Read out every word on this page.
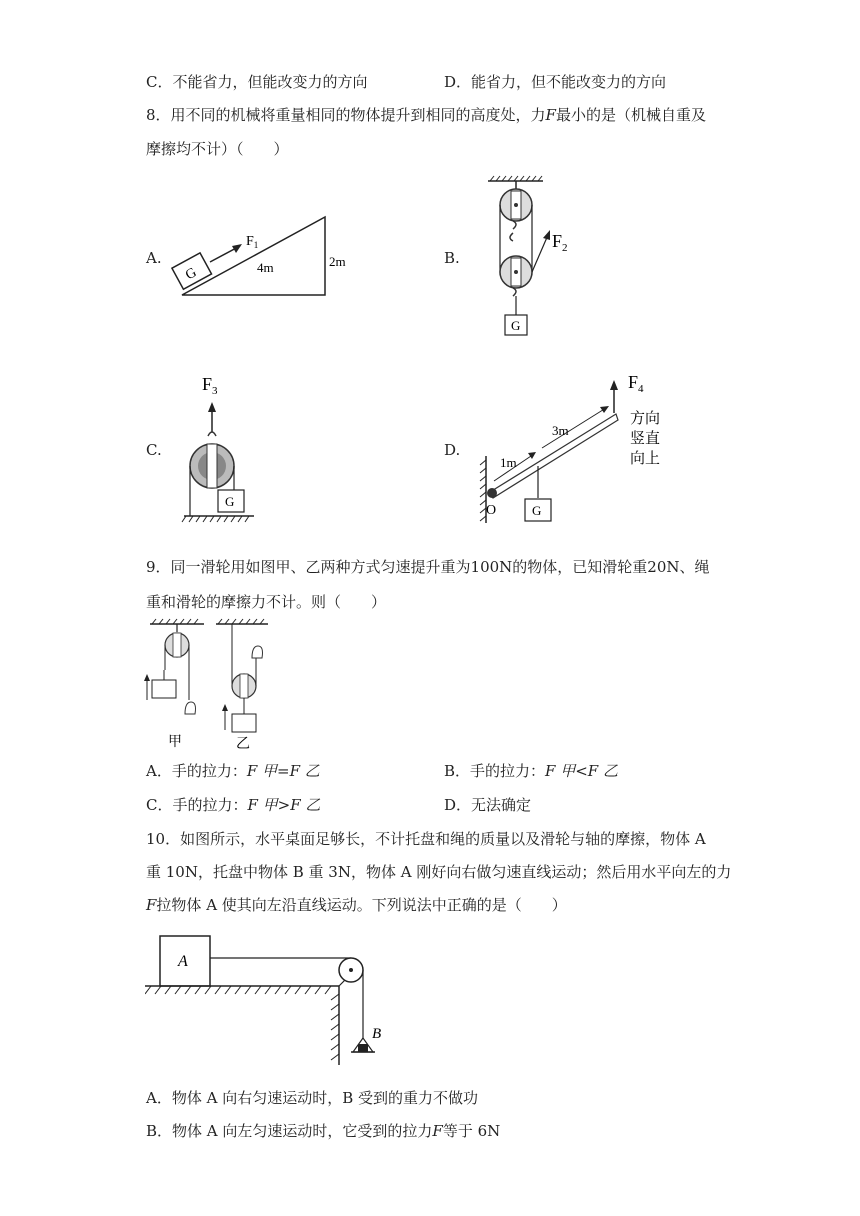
C．不能省力，但能改变力的方向	D．能省力，但不能改变力的方向
8．用不同的机械将重量相同的物体提升到相同的高度处，力F最小的是（机械自重及
摩擦均不计）（　　）
A.	B.
C.	D.
G
$F_1$
4m	2m
$F_2$
G
$F_3$
G
$F_4$
O	G
1m
3m
方向
竖直
向上
9．同一滑轮用如图甲、乙两种方式匀速提升重为100N的物体，已知滑轮重20N、绳
重和滑轮的摩擦力不计。则（　　）
甲	乙
A．手的拉力：F 甲=F 乙	B．手的拉力：F 甲<F 乙
C．手的拉力：F 甲>F 乙	D．无法确定
10．如图所示，水平桌面足够长，不计托盘和绳的质量以及滑轮与轴的摩擦，物体 A
重 10N，托盘中物体 B 重 3N，物体 A 刚好向右做匀速直线运动；然后用水平向左的力
F拉物体 A 使其向左沿直线运动。下列说法中正确的是（　　）
A
B
A．物体 A 向右匀速运动时，B 受到的重力不做功
B．物体 A 向左匀速运动时，它受到的拉力F等于 6N
